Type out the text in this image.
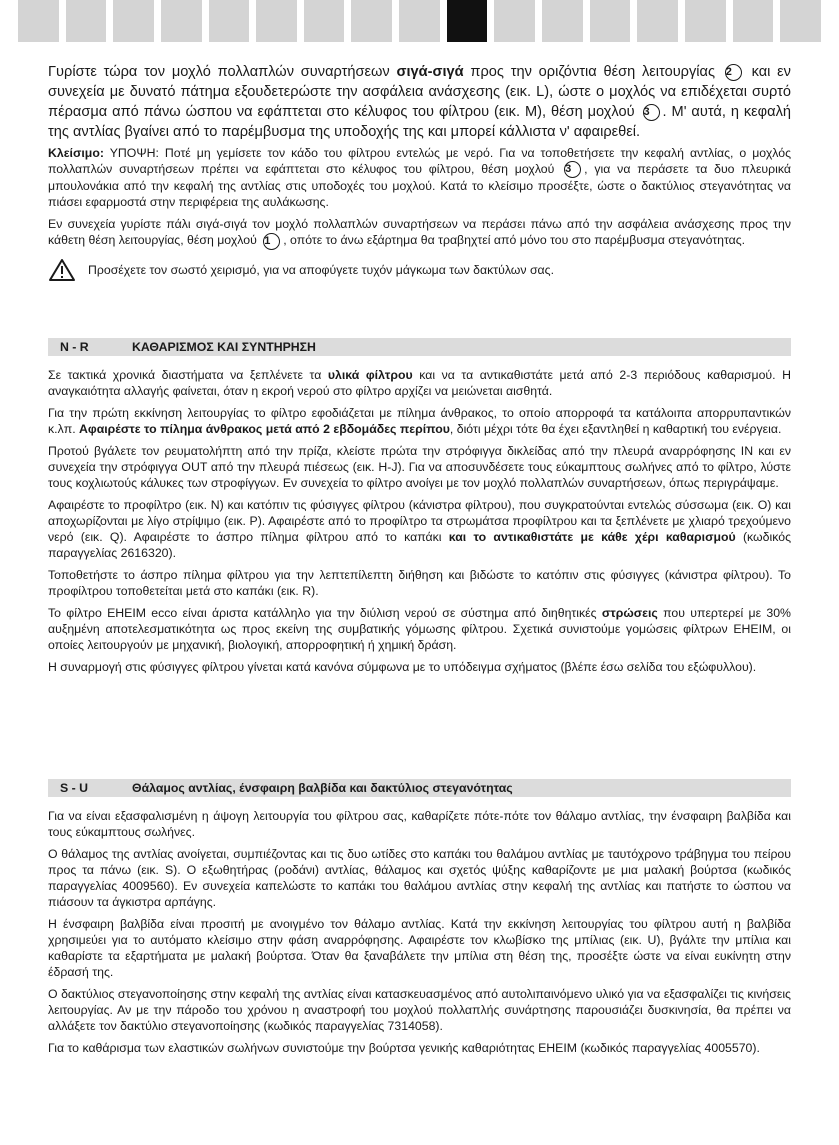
Γυρίστε τώρα τον μοχλό πολλαπλών συναρτήσεων σιγά-σιγά προς την οριζόντια θέση λειτουργίας 2 και εν συνεχεία με δυνατό πάτημα εξουδετερώστε την ασφάλεια ανάσχεσης (εικ. L), ώστε ο μοχλός να επιδέχεται συρτό πέρασμα από πάνω ώσπου να εφάπτεται στο κέλυφος του φίλτρου (εικ. M), θέση μοχλού 3 . Μ' αυτά, η κεφαλή της αντλίας βγαίνει από το παρέμβυσμα της υποδοχής της και μπορεί κάλλιστα ν' αφαιρεθεί.

Κλείσιμο: ΥΠΟΨΗ: Ποτέ μη γεμίσετε τον κάδο του φίλτρου εντελώς με νερό. Για να τοποθετήσετε την κεφαλή αντλίας, ο μοχλός πολλαπλών συναρτήσεων πρέπει να εφάπτεται στο κέλυφος του φίλτρου, θέση μοχλού 3 , για να περάσετε τα δυο πλευρικά μπουλονάκια από την κεφαλή της αντλίας στις υποδοχές του μοχλού. Κατά το κλείσιμο προσέξτε, ώστε ο δακτύλιος στεγανότητας να πιάσει εφαρμοστά στην περιφέρεια της αυλάκωσης.

Εν συνεχεία γυρίστε πάλι σιγά-σιγά τον μοχλό πολλαπλών συναρτήσεων να περάσει πάνω από την ασφάλεια ανάσχεσης προς την κάθετη θέση λειτουργίας, θέση μοχλού 1 , οπότε το άνω εξάρτημα θα τραβηχτεί από μόνο του στο παρέμβυσμα στεγανότητας.

Προσέχετε τον σωστό χειρισμό, για να αποφύγετε τυχόν μάγκωμα των δακτύλων σας.
N - R	ΚΑΘΑΡΙΣΜΟΣ ΚΑΙ ΣΥΝΤΗΡΗΣΗ

Σε τακτικά χρονικά διαστήματα να ξεπλένετε τα υλικά φίλτρου και να τα αντικαθιστάτε μετά από 2-3 περιόδους καθαρισμού. Η αναγκαιότητα αλλαγής φαίνεται, όταν η εκροή νερού στο φίλτρο αρχίζει να μειώνεται αισθητά.

Για την πρώτη εκκίνηση λειτουργίας το φίλτρο εφοδιάζεται με πίλημα άνθρακος, το οποίο απορροφά τα κατάλοιπα απορρυπαντικών κ.λπ. Αφαιρέστε το πίλημα άνθρακος μετά από 2 εβδομάδες περίπου, διότι μέχρι τότε θα έχει εξαντληθεί η καθαρτική του ενέργεια.

Προτού βγάλετε τον ρευματολήπτη από την πρίζα, κλείστε πρώτα την στρόφιγγα δικλείδας από την πλευρά αναρρόφησης IN και εν συνεχεία την στρόφιγγα OUT από την πλευρά πιέσεως (εικ. H-J). Για να αποσυνδέσετε τους εύκαμπτους σωλήνες από το φίλτρο, λύστε τους κοχλιωτούς κάλυκες των στροφίγγων. Εν συνεχεία το φίλτρο ανοίγει με τον μοχλό πολλαπλών συναρτήσεων, όπως περιγράψαμε.

Αφαιρέστε το προφίλτρο (εικ. N) και κατόπιν τις φύσιγγες φίλτρου (κάνιστρα φίλτρου), που συγκρατούνται εντελώς σύσσωμα (εικ. O) και αποχωρίζονται με λίγο στρίψιμο (εικ. P). Αφαιρέστε από το προφίλτρο τα στρωμάτσα προφίλτρου και τα ξεπλένετε με χλιαρό τρεχούμενο νερό (εικ. Q). Αφαιρέστε το άσπρο πίλημα φίλτρου από το καπάκι και το αντικαθιστάτε με κάθε χέρι καθαρισμού (κωδικός παραγγελίας 2616320).

Τοποθετήστε το άσπρο πίλημα φίλτρου για την λεπτεπίλεπτη διήθηση και βιδώστε το κατόπιν στις φύσιγγες (κάνιστρα φίλτρου). Το προφίλτρου τοποθετείται μετά στο καπάκι (εικ. R).

Το φίλτρο EHEIM ecco είναι άριστα κατάλληλο για την διύλιση νερού σε σύστημα από διηθητικές στρώσεις που υπερτερεί με 30% αυξημένη αποτελεσματικότητα ως προς εκείνη της συμβατικής γόμωσης φίλτρου. Σχετικά συνιστούμε γομώσεις φίλτρων EHEIM, οι οποίες λειτουργούν με μηχανική, βιολογική, απορροφητική ή χημική δράση.

Η συναρμογή στις φύσιγγες φίλτρου γίνεται κατά κανόνα σύμφωνα με το υπόδειγμα σχήματος (βλέπε έσω σελίδα του εξώφυλλου).

S - U	Θάλαμος αντλίας, ένσφαιρη βαλβίδα και δακτύλιος στεγανότητας

Για να είναι εξασφαλισμένη η άψογη λειτουργία του φίλτρου σας, καθαρίζετε πότε-πότε τον θάλαμο αντλίας, την ένσφαιρη βαλβίδα και τους εύκαμπτους σωλήνες.

Ο θάλαμος της αντλίας ανοίγεται, συμπιέζοντας και τις δυο ωτίδες στο καπάκι του θαλάμου αντλίας με ταυτόχρονο τράβηγμα του πείρου προς τα πάνω (εικ. S). Ο εξωθητήρας (ροδάνι) αντλίας, θάλαμος και σχετός ψύξης καθαρίζοντε με μια μαλακή βούρτσα (κωδικός παραγγελίας 4009560). Εν συνεχεία καπελώστε το καπάκι του θαλάμου αντλίας στην κεφαλή της αντλίας και πατήστε το ώσπου να πιάσουν τα άγκιστρα αρπάγης.

Η ένσφαιρη βαλβίδα είναι προσιτή με ανοιγμένο τον θάλαμο αντλίας. Κατά την εκκίνηση λειτουργίας του φίλτρου αυτή η βαλβίδα χρησιμεύει για το αυτόματο κλείσιμο στην φάση αναρρόφησης. Αφαιρέστε τον κλωβίσκο της μπίλιας (εικ. U), βγάλτε την μπίλια και καθαρίστε τα εξαρτήματα με μαλακή βούρτσα. Όταν θα ξαναβάλετε την μπίλια στη θέση της, προσέξτε ώστε να είναι ευκίνητη στην έδρασή της.

Ο δακτύλιος στεγανοποίησης στην κεφαλή της αντλίας είναι κατασκευασμένος από αυτολιπαινόμενο υλικό για να εξασφαλίζει τις κινήσεις λειτουργίας. Αν με την πάροδο του χρόνου η αναστροφή του μοχλού πολλαπλής συνάρτησης παρουσιάζει δυσκινησία, θα πρέπει να αλλάξετε τον δακτύλιο στεγανοποίησης (κωδικός παραγγελίας 7314058).

Για το καθάρισμα των ελαστικών σωλήνων συνιστούμε την βούρτσα γενικής καθαριότητας EHEIM (κωδικός παραγγελίας 4005570).
